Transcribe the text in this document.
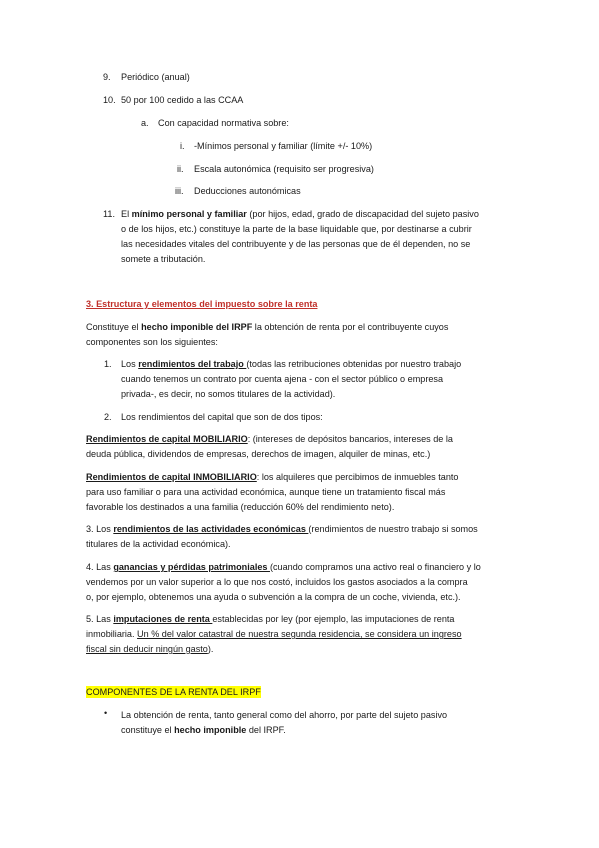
9. Periódico (anual)
10. 50 por 100 cedido a las CCAA
a. Con capacidad normativa sobre:
i. -Mínimos personal y familiar (límite +/- 10%)
ii. Escala autonómica (requisito ser progresiva)
iii. Deducciones autonómicas
11. El mínimo personal y familiar (por hijos, edad, grado de discapacidad del sujeto pasivo
o de los hijos, etc.) constituye la parte de la base liquidable que, por destinarse a cubrir
las necesidades vitales del contribuyente y de las personas que de él dependen, no se
somete a tributación.
3. Estructura y elementos del impuesto sobre la renta
Constituye el hecho imponible del IRPF la obtención de renta por el contribuyente cuyos
componentes son los siguientes:
1. Los rendimientos del trabajo (todas las retribuciones obtenidas por nuestro trabajo
cuando tenemos un contrato por cuenta ajena - con el sector público o empresa
privada-, es decir, no somos titulares de la actividad).
2. Los rendimientos del capital que son de dos tipos:
Rendimientos de capital MOBILIARIO: (intereses de depósitos bancarios, intereses de la
deuda pública, dividendos de empresas, derechos de imagen, alquiler de minas, etc.)
Rendimientos de capital INMOBILIARIO: los alquileres que percibimos de inmuebles tanto
para uso familiar o para una actividad económica, aunque tiene un tratamiento fiscal más
favorable los destinados a una familia (reducción 60% del rendimiento neto).
3. Los rendimientos de las actividades económicas (rendimientos de nuestro trabajo si somos
titulares de la actividad económica).
4. Las ganancias y pérdidas patrimoniales (cuando compramos una activo real o financiero y lo
vendemos por un valor superior a lo que nos costó, incluidos los gastos asociados a la compra
o, por ejemplo, obtenemos una ayuda o subvención a la compra de un coche, vivienda, etc.).
5. Las imputaciones de renta establecidas por ley (por ejemplo, las imputaciones de renta
inmobiliaria. Un % del valor catastral de nuestra segunda residencia, se considera un ingreso
fiscal sin deducir ningún gasto).
COMPONENTES DE LA RENTA DEL IRPF
• La obtención de renta, tanto general como del ahorro, por parte del sujeto pasivo
constituye el hecho imponible del IRPF.
